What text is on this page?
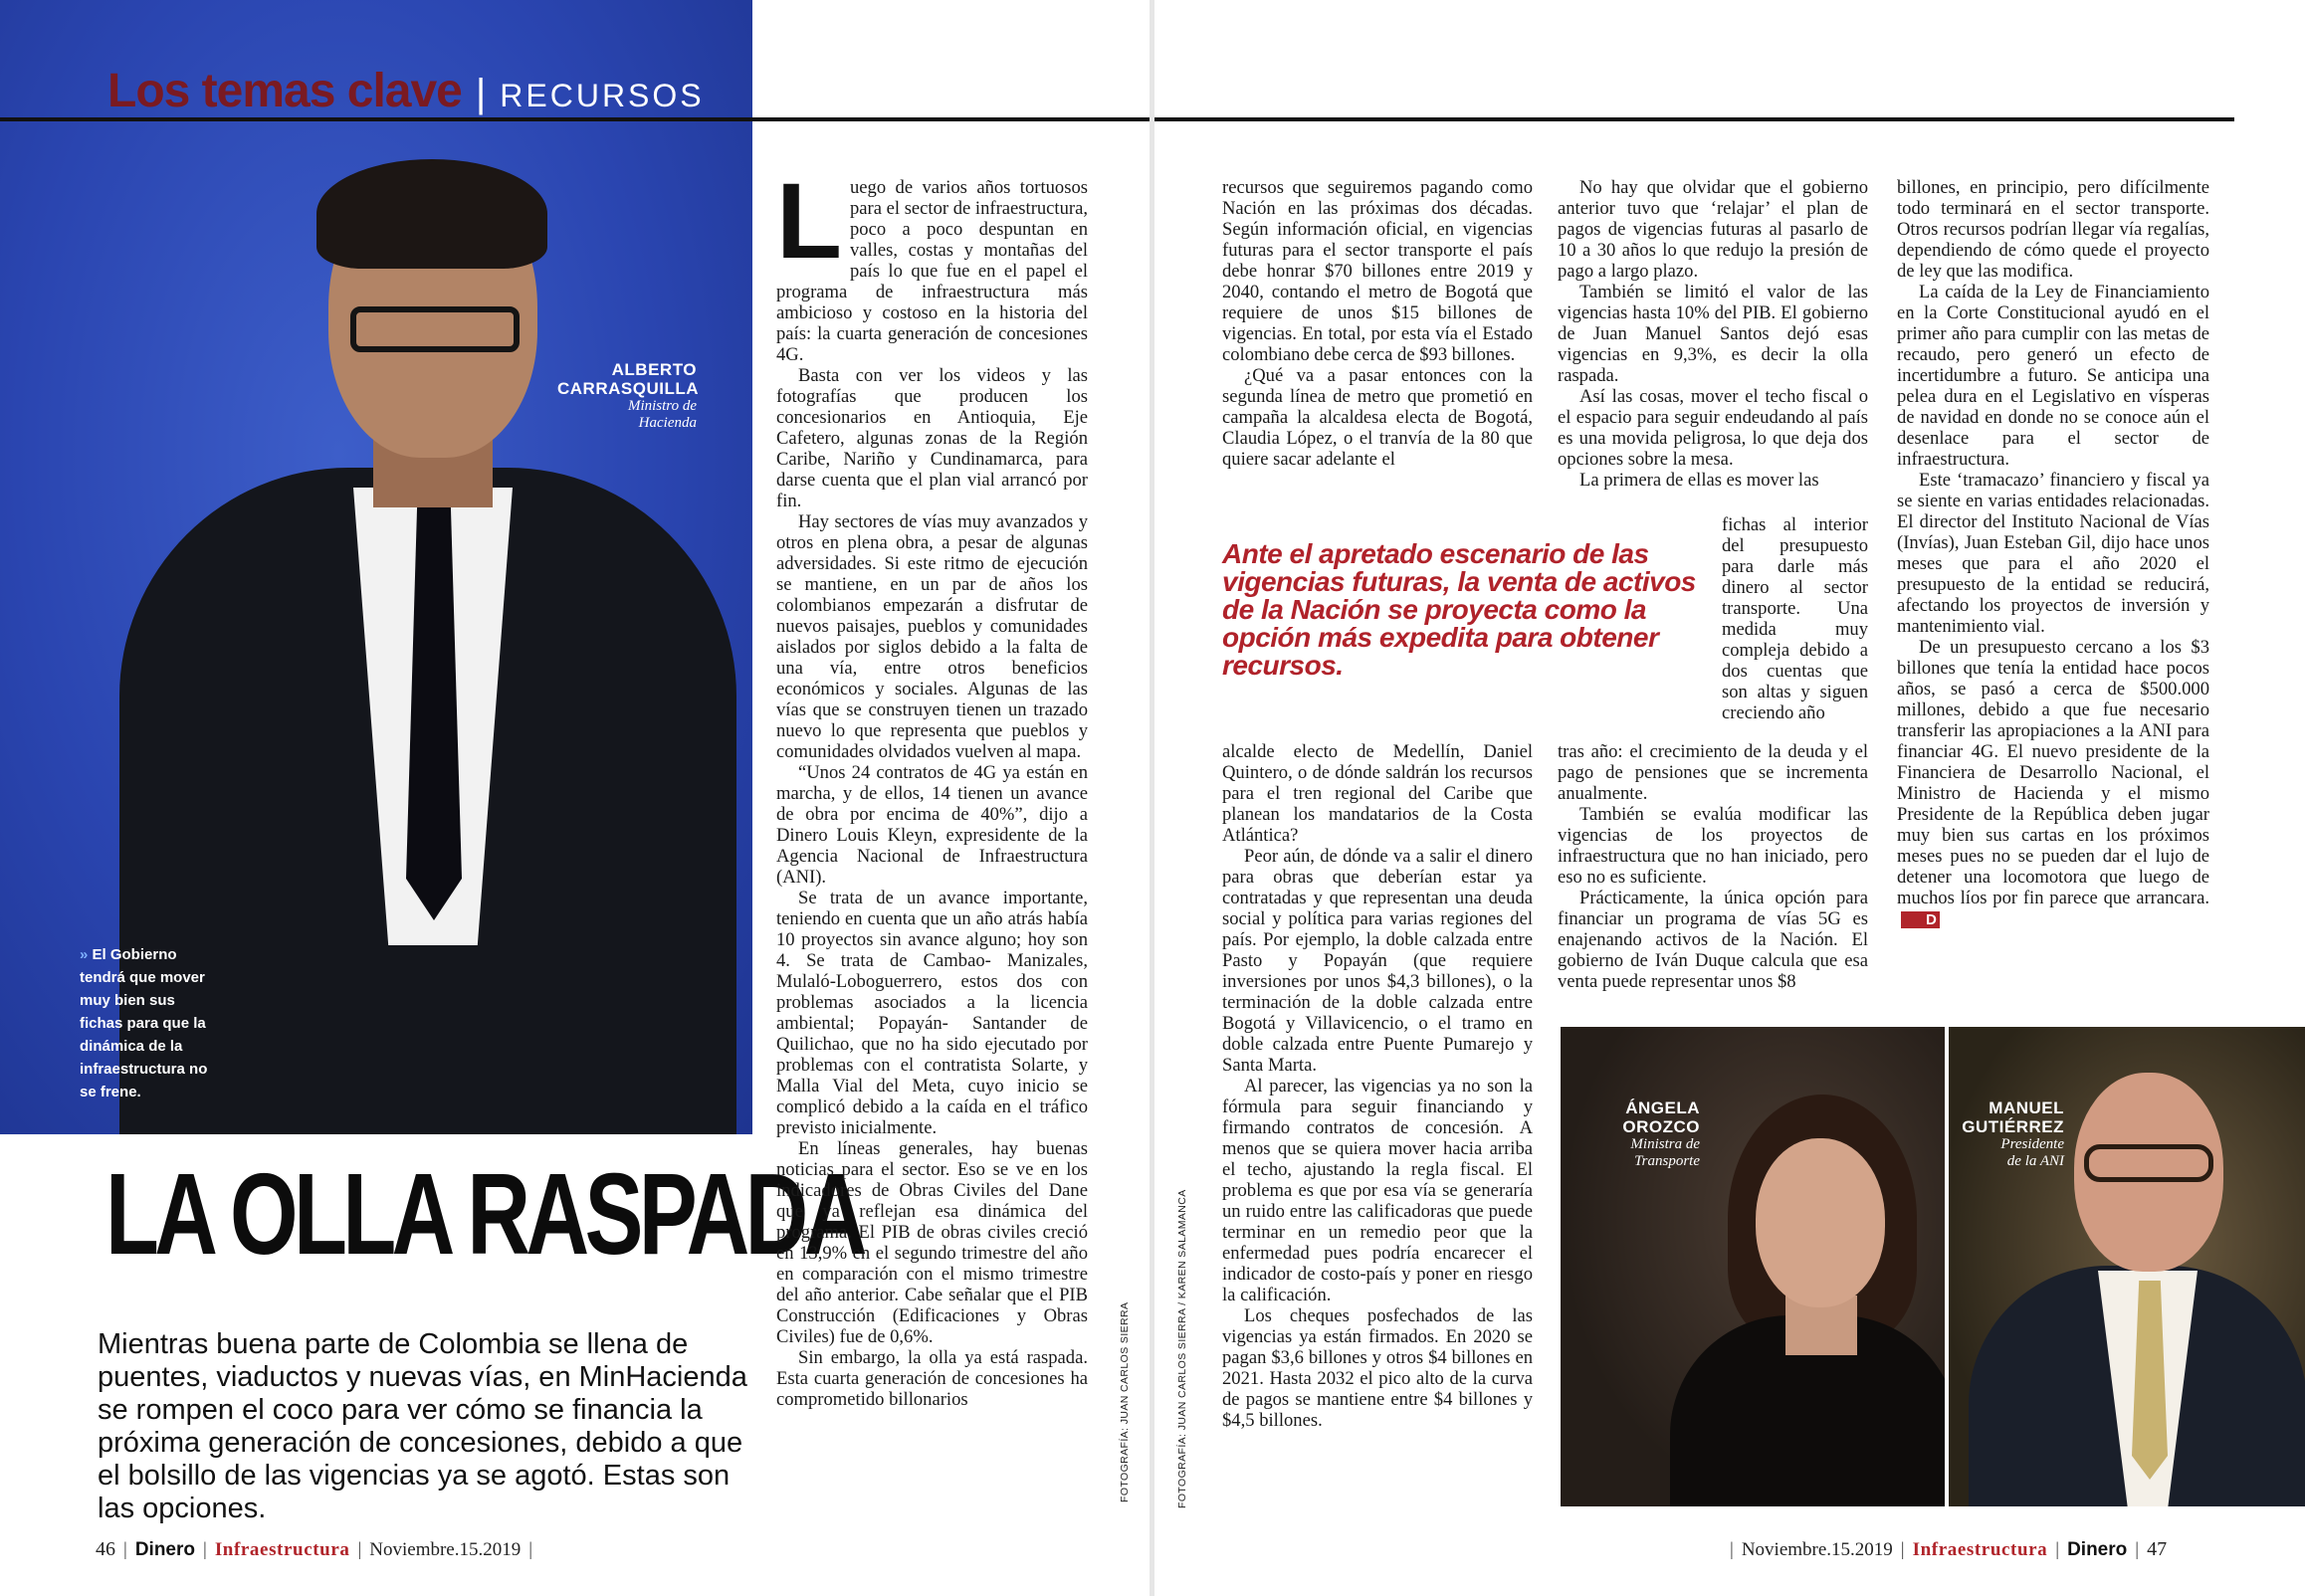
ALBERTO
CARRASQUILLA
Ministro de
Hacienda
» El Gobierno tendrá que mover muy bien sus fichas para que la dinámica de la infraestructura no se frene.
Los temas clave | RECURSOS
LA OLLA RASPADA
Mientras buena parte de Colombia se llena de puentes, viaductos y nuevas vías, en MinHacienda se rompen el coco para ver cómo se financia la próxima generación de concesiones, debido a que el bolsillo de las vigencias ya se agotó. Estas son las opciones.

Luego de varios años tortuosos para el sector de infraestructura, poco a poco despuntan en valles, costas y montañas del país lo que fue en el papel el programa de infraestructura más ambicioso y costoso en la historia del país: la cuarta generación de concesiones 4G.

Basta con ver los videos y las fotografías que producen los concesionarios en Antioquia, Eje Cafetero, algunas zonas de la Región Caribe, Nariño y Cundinamarca, para darse cuenta que el plan vial arrancó por fin.

Hay sectores de vías muy avanzados y otros en plena obra, a pesar de algunas adversidades. Si este ritmo de ejecución se mantiene, en un par de años los colombianos empezarán a disfrutar de nuevos paisajes, pueblos y comunidades aislados por siglos debido a la falta de una vía, entre otros beneficios económicos y sociales. Algunas de las vías que se construyen tienen un trazado nuevo lo que representa que pueblos y comunidades olvidados vuelven al mapa.

“Unos 24 contratos de 4G ya están en marcha, y de ellos, 14 tienen un avance de obra por encima de 40%”, dijo a Dinero Louis Kleyn, expresidente de la Agencia Nacional de Infraestructura (ANI).

Se trata de un avance importante, teniendo en cuenta que un año atrás había 10 proyectos sin avance alguno; hoy son 4. Se trata de Cambao- Manizales, Mulaló-Loboguerrero, estos dos con problemas asociados a la licencia ambiental; Popayán- Santander de Quilichao, que no ha sido ejecutado por problemas con el contratista Solarte, y Malla Vial del Meta, cuyo inicio se complicó debido a la caída en el tráfico previsto inicialmente.

En líneas generales, hay buenas noticias para el sector. Eso se ve en los indicadores de Obras Civiles del Dane que ya reflejan esa dinámica del programa. El PIB de obras civiles creció en 13,9% en el segundo trimestre del año en comparación con el mismo trimestre del año anterior. Cabe señalar que el PIB Construcción (Edificaciones y Obras Civiles) fue de 0,6%.

Sin embargo, la olla ya está raspada. Esta cuarta generación de concesiones ha comprometido billonarios	FOTOGRAFÍA: JUAN CARLOS SIERRA
46 | Dinero | Infraestructura | Noviembre.15.2019 |

recursos que seguiremos pagando como Nación en las próximas dos décadas. Según información oficial, en vigencias futuras para el sector transporte el país debe honrar $70 billones entre 2019 y 2040, contando el metro de Bogotá que requiere de unos $15 billones de vigencias. En total, por esta vía el Estado colombiano debe cerca de $93 billones.

¿Qué va a pasar entonces con la segunda línea de metro que prometió en campaña la alcaldesa electa de Bogotá, Claudia López, o el tranvía de la 80 que quiere sacar adelante el

No hay que olvidar que el gobierno anterior tuvo que ‘relajar’ el plan de pagos de vigencias futuras al pasarlo de 10 a 30 años lo que redujo la presión de pago a largo plazo.

También se limitó el valor de las vigencias hasta 10% del PIB. El gobierno de Juan Manuel Santos dejó esas vigencias en 9,3%, es decir la olla raspada.

Así las cosas, mover el techo fiscal o el espacio para seguir endeudando al país es una movida peligrosa, lo que deja dos opciones sobre la mesa.

La primera de ellas es mover las

fichas al interior del presupuesto para darle más dinero al sector transporte. Una medida muy compleja debido a dos cuentas que son altas y siguen creciendo año

Ante el apretado escenario de las vigencias futuras, la venta de activos de la Nación se proyecta como la opción más expedita para obtener recursos.

alcalde electo de Medellín, Daniel Quintero, o de dónde saldrán los recursos para el tren regional del Caribe que planean los mandatarios de la Costa Atlántica?

Peor aún, de dónde va a salir el dinero para obras que deberían estar ya contratadas y que representan una deuda social y política para varias regiones del país. Por ejemplo, la doble calzada entre Pasto y Popayán (que requiere inversiones por unos $4,3 billones), o la terminación de la doble calzada entre Bogotá y Villavicencio, o el tramo en doble calzada entre Puente Pumarejo y Santa Marta.

Al parecer, las vigencias ya no son la fórmula para seguir financiando y firmando contratos de concesión. A menos que se quiera mover hacia arriba el techo, ajustando la regla fiscal. El problema es que por esa vía se generaría un ruido entre las calificadoras que puede terminar en un remedio peor que la enfermedad pues podría encarecer el indicador de costo-país y poner en riesgo la calificación.

Los cheques posfechados de las vigencias ya están firmados. En 2020 se pagan $3,6 billones y otros $4 billones en 2021. Hasta 2032 el pico alto de la curva de pagos se mantiene entre $4 billones y $4,5 billones.

tras año: el crecimiento de la deuda y el pago de pensiones que se incrementa anualmente.

También se evalúa modificar las vigencias de los proyectos de infraestructura que no han iniciado, pero eso no es suficiente.

Prácticamente, la única opción para financiar un programa de vías 5G es enajenando activos de la Nación. El gobierno de Iván Duque calcula que esa venta puede representar unos $8

billones, en principio, pero difícilmente todo terminará en el sector transporte. Otros recursos podrían llegar vía regalías, dependiendo de cómo quede el proyecto de ley que las modifica.

La caída de la Ley de Financiamiento en la Corte Constitucional ayudó en el primer año para cumplir con las metas de recaudo, pero generó un efecto de incertidumbre a futuro. Se anticipa una pelea dura en el Legislativo en vísperas de navidad en donde no se conoce aún el desenlace para el sector de infraestructura.

Este ‘tramacazo’ financiero y fiscal ya se siente en varias entidades relacionadas. El director del Instituto Nacional de Vías (Invías), Juan Esteban Gil, dijo hace unos meses que para el año 2020 el presupuesto de la entidad se reducirá, afectando los proyectos de inversión y mantenimiento vial.

De un presupuesto cercano a los $3 billones que tenía la entidad hace pocos años, se pasó a cerca de $500.000 millones, debido a que fue necesario transferir las apropiaciones a la ANI para financiar 4G. El nuevo presidente de la Financiera de Desarrollo Nacional, el Ministro de Hacienda y el mismo Presidente de la República deben jugar muy bien sus cartas en los próximos meses pues no se pueden dar el lujo de detener una locomotora que luego de muchos líos por fin parece que arrancara.D

ÁNGELA
OROZCO
Ministra de
Transporte
MANUEL
GUTIÉRREZ
Presidente
de la ANI
FOTOGRAFÍA: JUAN CARLOS SIERRA / KAREN SALAMANCA
| Noviembre.15.2019 | Infraestructura | Dinero | 47
